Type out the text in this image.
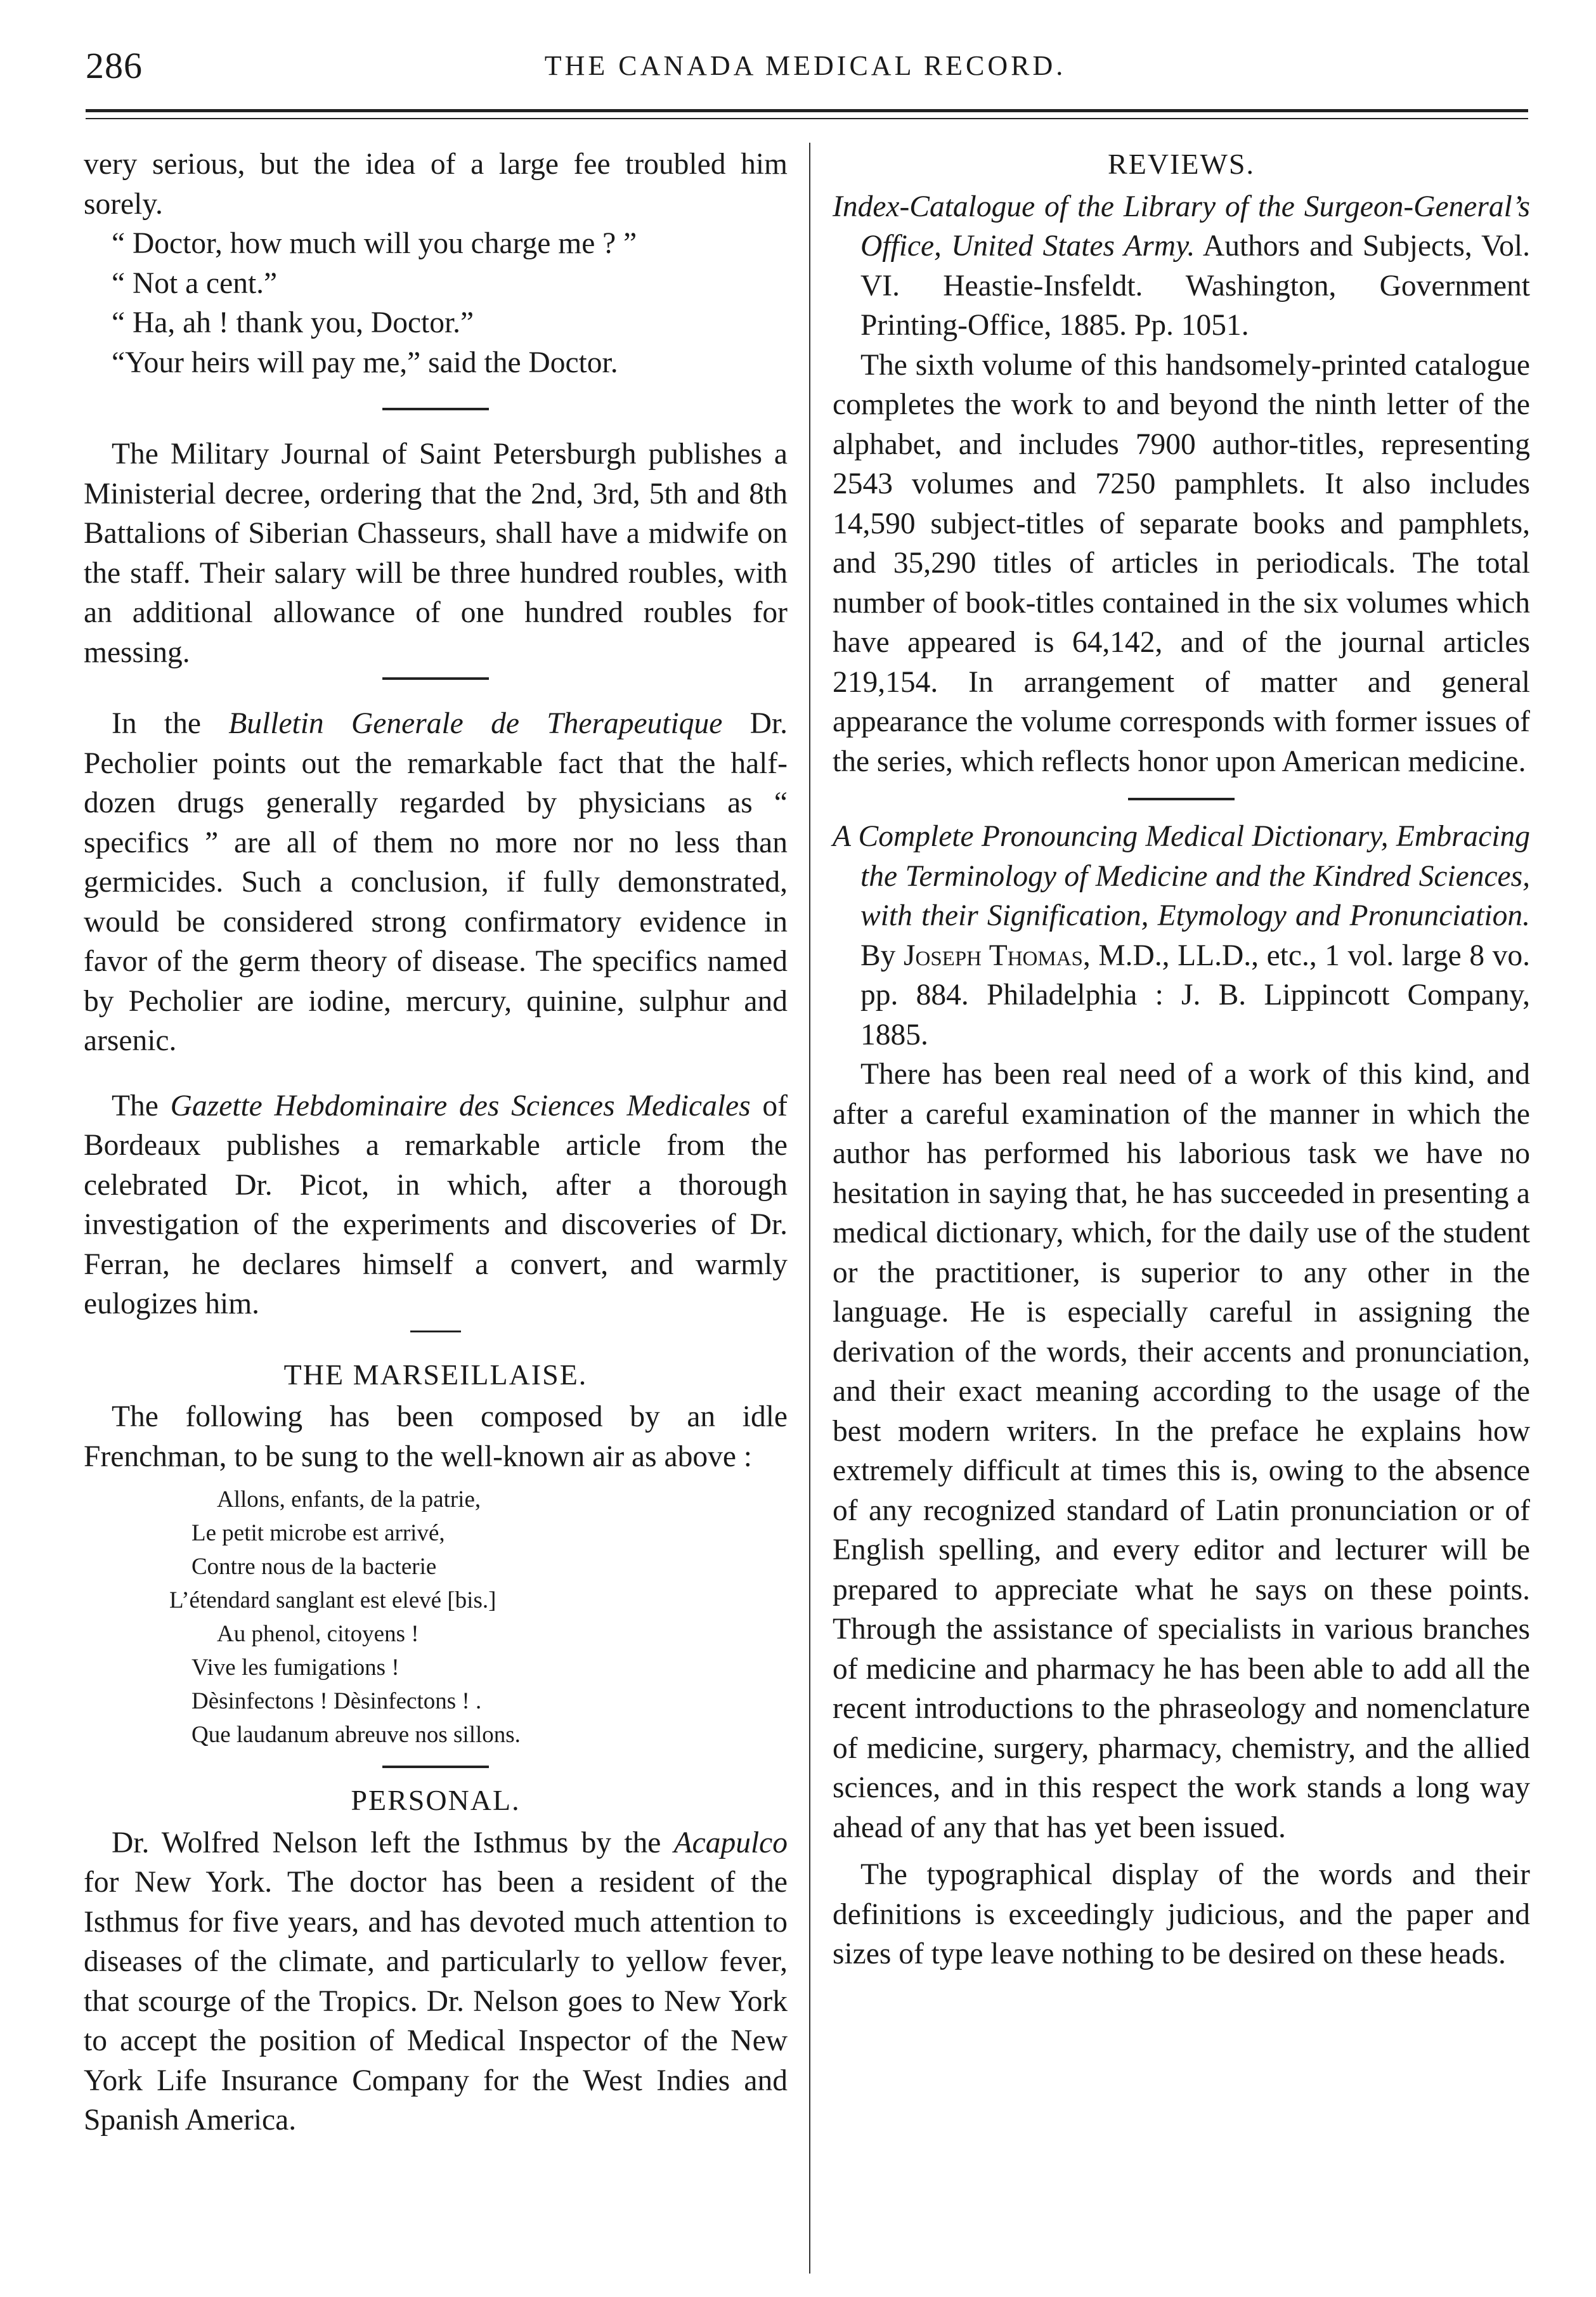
286	THE CANADA MEDICAL RECORD.

very serious, but the idea of a large fee troubled him sorely.

“ Doctor, how much will you charge me ? ”

“ Not a cent.”

“ Ha, ah ! thank you, Doctor.”

“Your heirs will pay me,” said the Doctor.

The Military Journal of Saint Petersburgh publishes a Ministerial decree, ordering that the 2nd, 3rd, 5th and 8th Battalions of Siberian Chasseurs, shall have a midwife on the staff. Their salary will be three hundred roubles, with an additional allowance of one hundred roubles for messing.

In the Bulletin Generale de Therapeutique Dr. Pecholier points out the remarkable fact that the half-dozen drugs generally regarded by physicians as “ specifics ” are all of them no more nor no less than germicides. Such a conclusion, if fully demonstrated, would be considered strong confirmatory evidence in favor of the germ theory of disease. The specifics named by Pecholier are iodine, mercury, quinine, sulphur and arsenic.

The Gazette Hebdominaire des Sciences Medicales of Bordeaux publishes a remarkable article from the celebrated Dr. Picot, in which, after a thorough investigation of the experiments and discoveries of Dr. Ferran, he declares himself a convert, and warmly eulogizes him.

THE MARSEILLAISE.

The following has been composed by an idle Frenchman, to be sung to the well-known air as above :

Allons, enfants, de la patrie,
Le petit microbe est arrivé,
Contre nous de la bacterie
L’étendard sanglant est elevé [bis.]
Au phenol, citoyens !
Vive les fumigations !
Dèsinfectons ! Dèsinfectons ! .
Que laudanum abreuve nos sillons.
PERSONAL.

Dr. Wolfred Nelson left the Isthmus by the Acapulco for New York. The doctor has been a resident of the Isthmus for five years, and has devoted much attention to diseases of the climate, and particularly to yellow fever, that scourge of the Tropics. Dr. Nelson goes to New York to accept the position of Medical Inspector of the New York Life Insurance Company for the West Indies and Spanish America.

REVIEWS.

Index-Catalogue of the Library of the Surgeon-General’s Office, United States Army. Authors and Subjects, Vol. VI. Heastie-Insfeldt. Washington, Government Printing-Office, 1885. Pp. 1051.

The sixth volume of this handsomely-printed catalogue completes the work to and beyond the ninth letter of the alphabet, and includes 7900 author-titles, representing 2543 volumes and 7250 pamphlets. It also includes 14,590 subject-titles of separate books and pamphlets, and 35,290 titles of articles in periodicals. The total number of book-titles contained in the six volumes which have appeared is 64,142, and of the journal articles 219,154. In arrangement of matter and general appearance the volume corresponds with former issues of the series, which reflects honor upon American medicine.

A Complete Pronouncing Medical Dictionary, Embracing the Terminology of Medicine and the Kindred Sciences, with their Signification, Etymology and Pronunciation. By Joseph Thomas, M.D., LL.D., etc., 1 vol. large 8 vo. pp. 884. Philadelphia : J. B. Lippincott Company, 1885.

There has been real need of a work of this kind, and after a careful examination of the manner in which the author has performed his laborious task we have no hesitation in saying that, he has succeeded in presenting a medical dictionary, which, for the daily use of the student or the practitioner, is superior to any other in the language. He is especially careful in assigning the derivation of the words, their accents and pronunciation, and their exact meaning according to the usage of the best modern writers. In the preface he explains how extremely difficult at times this is, owing to the absence of any recognized standard of Latin pronunciation or of English spelling, and every editor and lecturer will be prepared to appreciate what he says on these points. Through the assistance of specialists in various branches of medicine and pharmacy he has been able to add all the recent introductions to the phraseology and nomenclature of medicine, surgery, pharmacy, chemistry, and the allied sciences, and in this respect the work stands a long way ahead of any that has yet been issued.

The typographical display of the words and their definitions is exceedingly judicious, and the paper and sizes of type leave nothing to be desired on these heads.
